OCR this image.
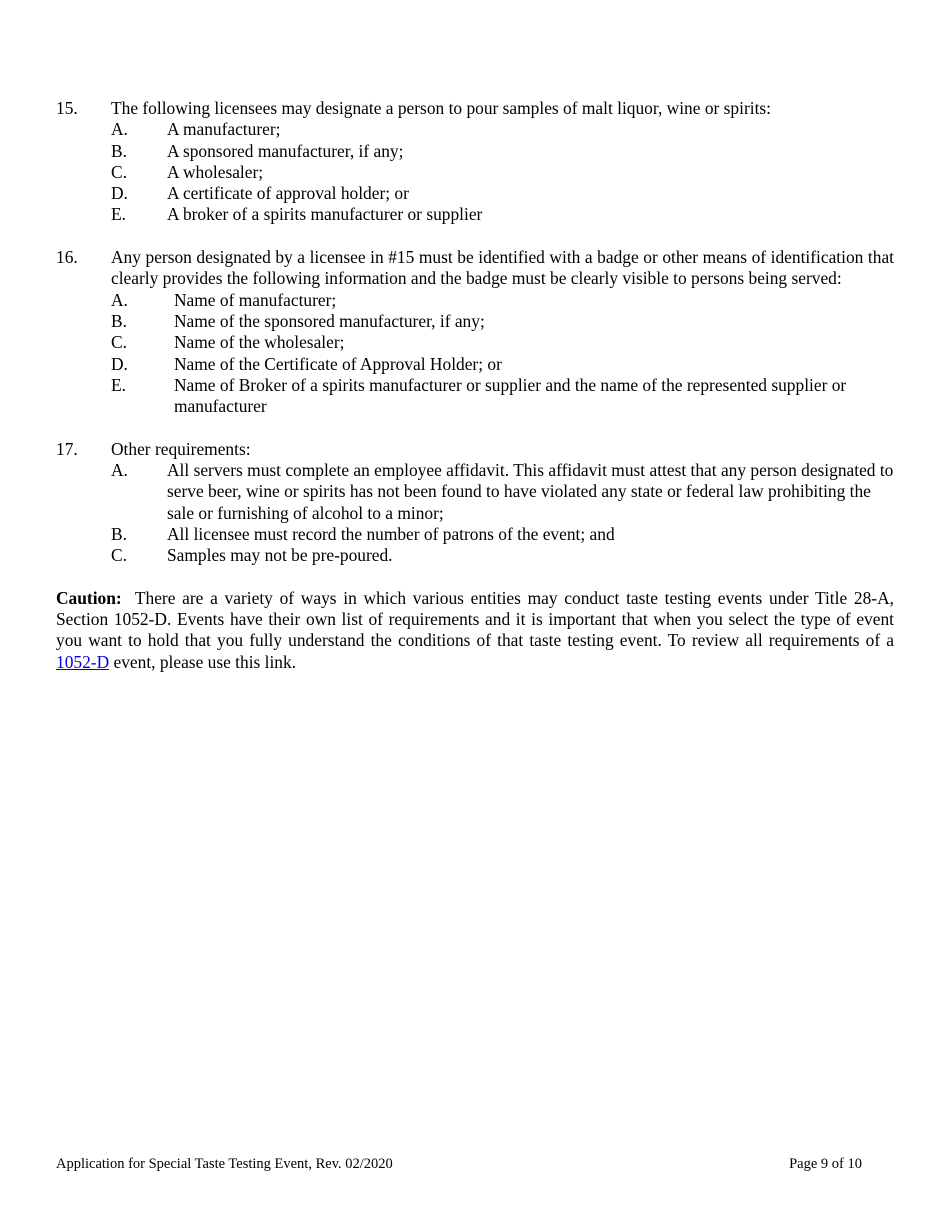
15. The following licensees may designate a person to pour samples of malt liquor, wine or spirits:
A. A manufacturer;
B. A sponsored manufacturer, if any;
C. A wholesaler;
D. A certificate of approval holder; or
E. A broker of a spirits manufacturer or supplier
16. Any person designated by a licensee in #15 must be identified with a badge or other means of identification that clearly provides the following information and the badge must be clearly visible to persons being served:
A.	Name of manufacturer;
B.	Name of the sponsored manufacturer, if any;
C.	Name of the wholesaler;
D.	Name of the Certificate of Approval Holder; or
E.	Name of Broker of a spirits manufacturer or supplier and the name of the represented supplier or manufacturer
17. Other requirements:
A. All servers must complete an employee affidavit. This affidavit must attest that any person designated to serve beer, wine or spirits has not been found to have violated any state or federal law prohibiting the sale or furnishing of alcohol to a minor;
B. All licensee must record the number of patrons of the event; and
C. Samples may not be pre-poured.

Caution: There are a variety of ways in which various entities may conduct taste testing events under Title 28-A, Section 1052-D. Events have their own list of requirements and it is important that when you select the type of event you want to hold that you fully understand the conditions of that taste testing event. To review all requirements of a 1052-D event, please use this link.

Application for Special Taste Testing Event, Rev. 02/2020	Page 9 of 10
